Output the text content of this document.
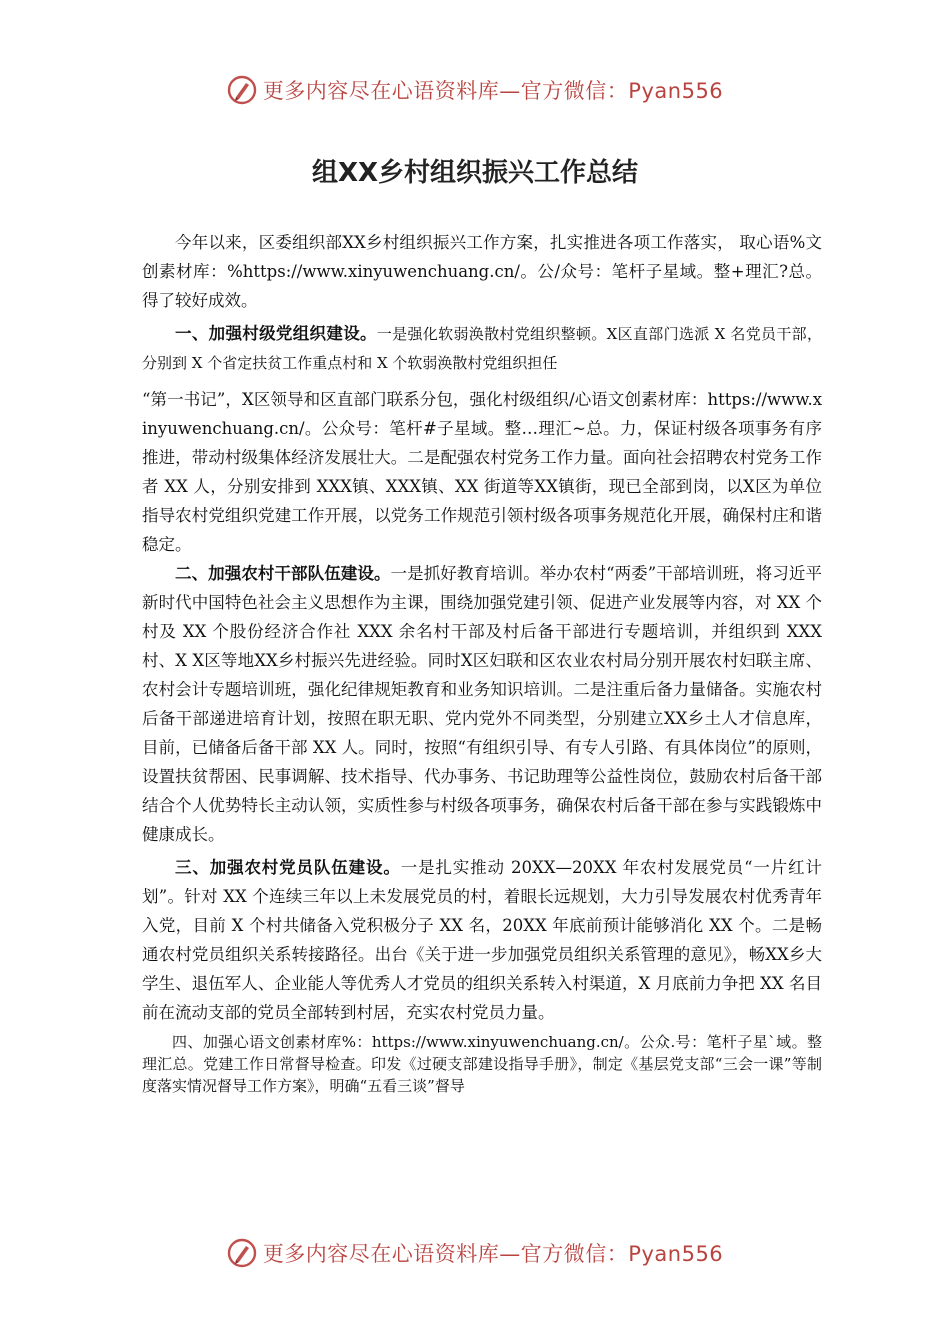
更多内容尽在心语资料库—官方微信：Pyan556
组XX乡村组织振兴工作总结

今年以来，区委组织部XX乡村组织振兴工作方案，扎实推进各项工作落实， 取心语%文创素材库：%https://www.xinyuwenchuang.cn/。公/众号：笔杆子星域。整+理汇?总。得了较好成效。

一、加强村级党组织建设。一是强化软弱涣散村党组织整顿。X区直部门选派 X 名党员干部，分别到 X 个省定扶贫工作重点村和 X 个软弱涣散村党组织担任

“第一书记”，X区领导和区直部门联系分包，强化村级组织/心语文创素材库：https://www.xinyuwenchuang.cn/。公众号：笔杆#子星域。整…理汇~总。力，保证村级各项事务有序推进，带动村级集体经济发展壮大。二是配强农村党务工作力量。面向社会招聘农村党务工作者 XX 人，分别安排到 XXX镇、XXX镇、XX 街道等XX镇街，现已全部到岗，以X区为单位指导农村党组织党建工作开展，以党务工作规范引领村级各项事务规范化开展，确保村庄和谐稳定。

二、加强农村干部队伍建设。一是抓好教育培训。举办农村“两委”干部培训班，将习近平新时代中国特色社会主义思想作为主课，围绕加强党建引领、促进产业发展等内容，对 XX 个村及 XX 个股份经济合作社 XXX 余名村干部及村后备干部进行专题培训，并组织到 XXX 村、X X区等地XX乡村振兴先进经验。同时X区妇联和区农业农村局分别开展农村妇联主席、农村会计专题培训班，强化纪律规矩教育和业务知识培训。二是注重后备力量储备。实施农村后备干部递进培育计划，按照在职无职、党内党外不同类型，分别建立XX乡土人才信息库， 目前，已储备后备干部 XX 人。同时，按照“有组织引导、有专人引路、有具体岗位”的原则，设置扶贫帮困、民事调解、技术指导、代办事务、书记助理等公益性岗位，鼓励农村后备干部结合个人优势特长主动认领，实质性参与村级各项事务，确保农村后备干部在参与实践锻炼中健康成长。

三、加强农村党员队伍建设。一是扎实推动 20XX—20XX 年农村发展党员“一片红计划”。针对 XX 个连续三年以上未发展党员的村，着眼长远规划，大力引导发展农村优秀青年入党，目前 X 个村共储备入党积极分子 XX 名，20XX 年底前预计能够消化 XX 个。二是畅通农村党员组织关系转接路径。出台《关于进一步加强党员组织关系管理的意见》，畅XX乡大学生、退伍军人、企业能人等优秀人才党员的组织关系转入村渠道，X 月底前力争把 XX 名目前在流动支部的党员全部转到村居，充实农村党员力量。

四、加强心语文创素材库%：https://www.xinyuwenchuang.cn/。公众.号：笔杆子星`域。整理汇总。党建工作日常督导检查。印发《过硬支部建设指导手册》，制定《基层党支部“三会一课”等制度落实情况督导工作方案》，明确“五看三谈”督导

更多内容尽在心语资料库—官方微信：Pyan556
